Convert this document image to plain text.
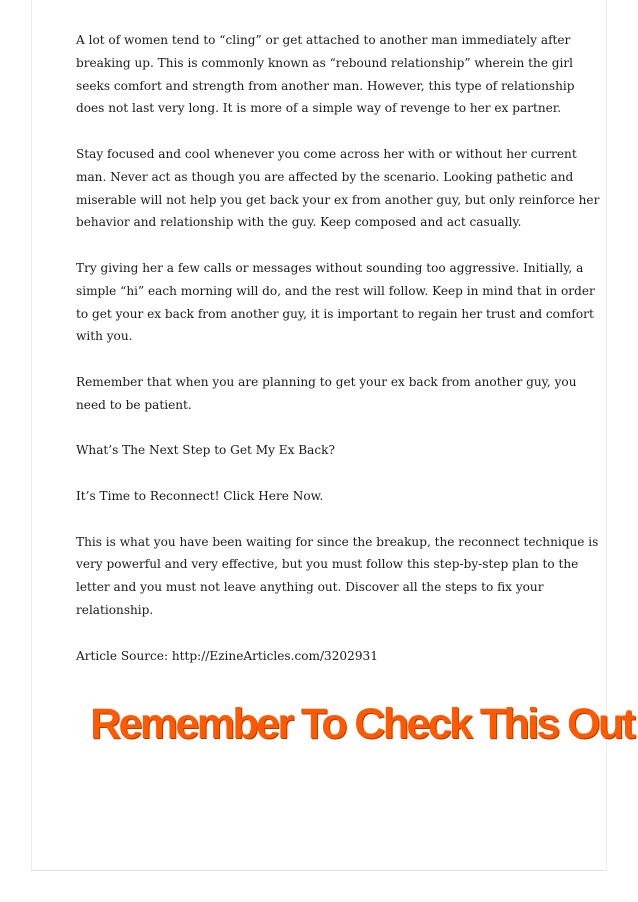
A lot of women tend to “cling” or get attached to another man immediately after
breaking up. This is commonly known as “rebound relationship” wherein the girl
seeks comfort and strength from another man. However, this type of relationship
does not last very long. It is more of a simple way of revenge to her ex partner.

Stay focused and cool whenever you come across her with or without her current
man. Never act as though you are affected by the scenario. Looking pathetic and
miserable will not help you get back your ex from another guy, but only reinforce her
behavior and relationship with the guy. Keep composed and act casually.

Try giving her a few calls or messages without sounding too aggressive. Initially, a
simple “hi” each morning will do, and the rest will follow. Keep in mind that in order
to get your ex back from another guy, it is important to regain her trust and comfort
with you.

Remember that when you are planning to get your ex back from another guy, you
need to be patient.

What’s The Next Step to Get My Ex Back?

It’s Time to Reconnect! Click Here Now.

This is what you have been waiting for since the breakup, the reconnect technique is
very powerful and very effective, but you must follow this step-by-step plan to the
letter and you must not leave anything out. Discover all the steps to fix your
relationship.

Article Source: http://EzineArticles.com/3202931

Remember To Check This Out
